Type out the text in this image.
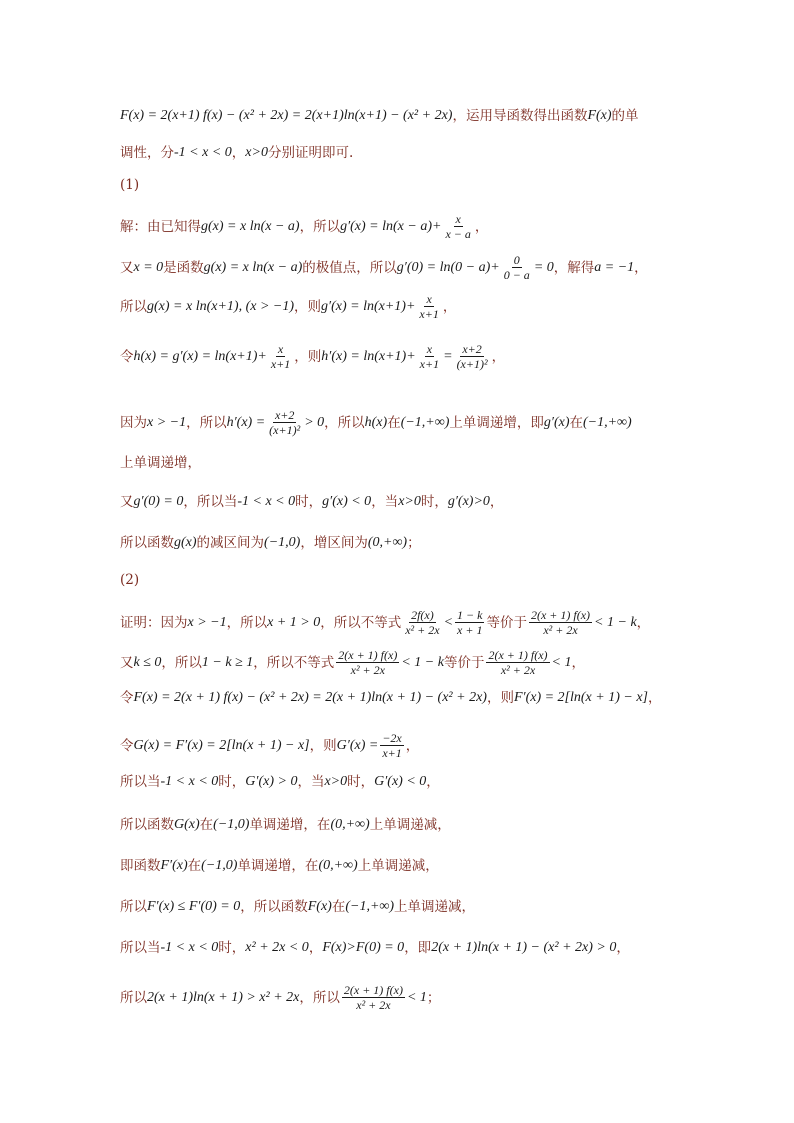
F(x) = 2(x+1) f(x) − (x² + 2x) = 2(x+1)ln(x+1) − (x² + 2x) ，运用导函数得出函数 F(x) 的单
调性，分 -1 < x < 0 ， x>0 分别证明即可.
(1)
解：由已知得 g(x) = x ln(x − a) ，所以 $g'(x) = \ln(x - a)+ \frac{x}{x - a}$ ，
又 x = 0 是函数 g(x) = x ln(x − a) 的极值点，所以 $g'(0) = \ln(0 - a)+ \frac{0}{0 - a} = 0$ ，解得 a = −1 ，
所以 g(x) = x ln(x+1), (x > −1) ，则 $g'(x) = \ln(x+1)+ \frac{x}{x+1}$ ，
令 $h(x) = g'(x) = \ln(x+1)+ \frac{x}{x+1}$ ，则 $h'(x) = \ln(x+1)+ \frac{x}{x+1} = \frac{x+2}{\text{(x+1)²}}$ ，
因为 x > −1 ，所以 $h'(x) = \frac{x+2}{\text{(x+1)²}} > 0$ ，所以 h(x) 在 (−1,+∞) 上单调递增，即 g′(x) 在 (−1,+∞)
上单调递增，
又 g′(0) = 0 ，所以当 -1 < x < 0 时， g′(x) < 0 ，当 x>0 时， g′(x)>0 ，
所以函数 g(x) 的减区间为 (−1,0) ，增区间为 (0,+∞) ；
(2)
证明：因为 x > −1 ，所以 x + 1 > 0 ，所以不等式 $\frac{2f(x)}{\text{x² + 2x}} < \frac{1 - k}{x + 1}$ 等价于 $\frac{2(x + 1) f(x)}{\text{x² + 2x}} < 1 - k$ ，
又 k ≤ 0 ，所以 1 − k ≥ 1 ，所以不等式 $\frac{2(x + 1) f(x)}{\text{x² + 2x}} < 1 - k$ 等价于 $\frac{2(x + 1) f(x)}{\text{x² + 2x}} < 1$ ，
令 F(x) = 2(x + 1) f(x) − (x² + 2x) = 2(x + 1)ln(x + 1) − (x² + 2x) ，则 F′(x) = 2[ln(x + 1) − x] ，
令 G(x) = F′(x) = 2[ln(x + 1) − x] ，则 $G'(x) = \frac{-2x}{x+1}$ ，
所以当 -1 < x < 0 时， G′(x) > 0 ，当 x>0 时， G′(x) < 0 ，
所以函数 G(x) 在 (−1,0) 单调递增，在 (0,+∞) 上单调递减，
即函数 F′(x) 在 (−1,0) 单调递增，在 (0,+∞) 上单调递减，
所以 F′(x) ≤ F′(0) = 0 ，所以函数 F(x) 在 (−1,+∞) 上单调递减，
所以当 -1 < x < 0 时， x² + 2x < 0 ， F(x)>F(0) = 0 ，即 2(x + 1)ln(x + 1) − (x² + 2x) > 0 ，
所以 2(x + 1)ln(x + 1) > x² + 2x ，所以 $\frac{2(x + 1) f(x)}{\text{x² + 2x}} < 1$ ；
